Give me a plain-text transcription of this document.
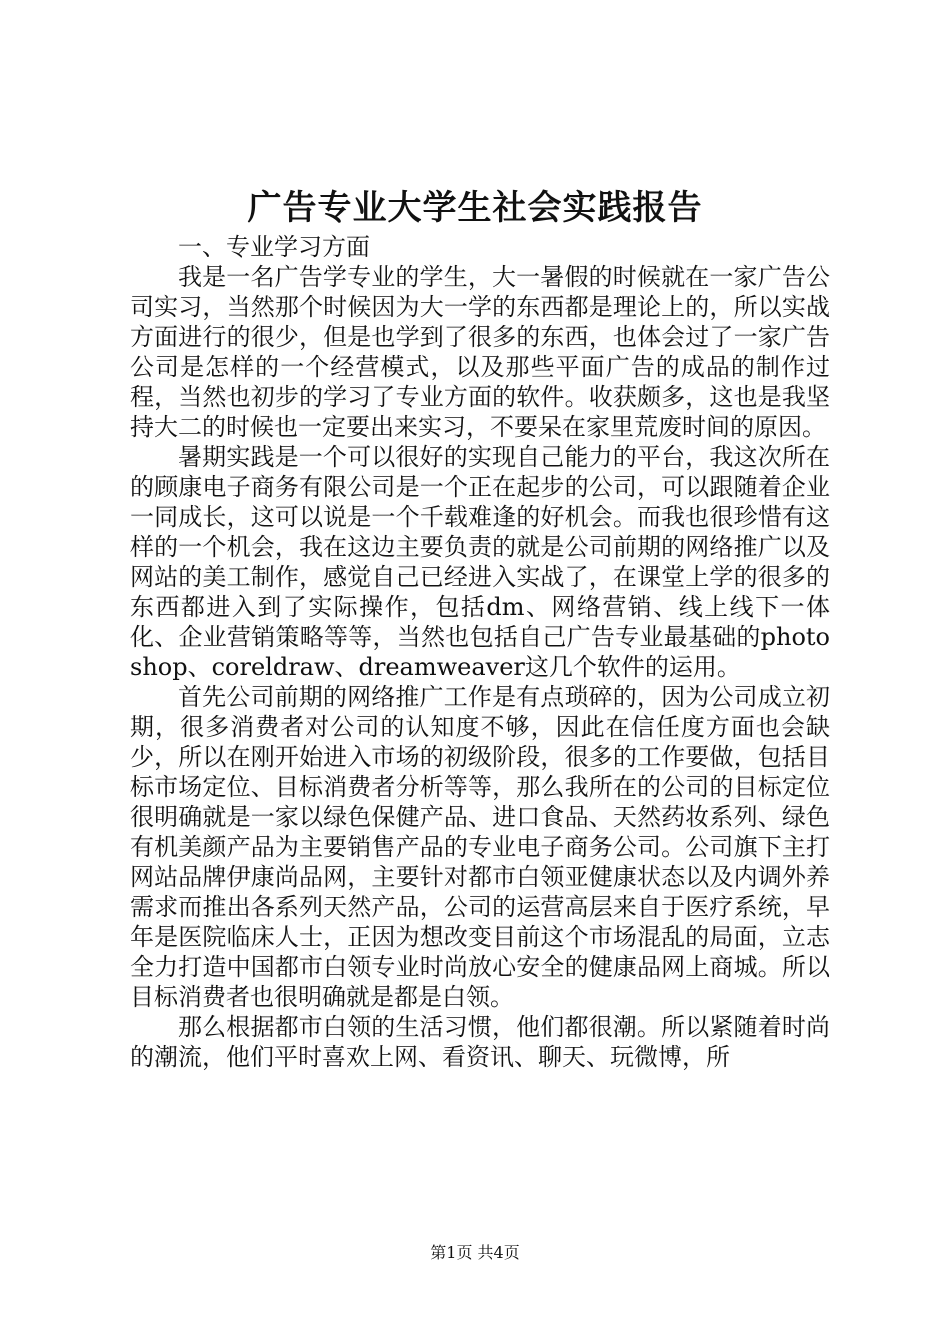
广告专业大学生社会实践报告

一、专业学习方面

我是一名广告学专业的学生，大一暑假的时候就在一家广告公司实习，当然那个时候因为大一学的东西都是理论上的，所以实战方面进行的很少，但是也学到了很多的东西，也体会过了一家广告公司是怎样的一个经营模式，以及那些平面广告的成品的制作过程，当然也初步的学习了专业方面的软件。收获颇多，这也是我坚持大二的时候也一定要出来实习，不要呆在家里荒废时间的原因。

暑期实践是一个可以很好的实现自己能力的平台，我这次所在的顾康电子商务有限公司是一个正在起步的公司，可以跟随着企业一同成长，这可以说是一个千载难逢的好机会。而我也很珍惜有这样的一个机会，我在这边主要负责的就是公司前期的网络推广以及网站的美工制作，感觉自己已经进入实战了，在课堂上学的很多的东西都进入到了实际操作，包括dm、网络营销、线上线下一体化、企业营销策略等等，当然也包括自己广告专业最基础的photoshop、coreldraw、dreamweaver这几个软件的运用。

首先公司前期的网络推广工作是有点琐碎的，因为公司成立初期，很多消费者对公司的认知度不够，因此在信任度方面也会缺少，所以在刚开始进入市场的初级阶段，很多的工作要做，包括目标市场定位、目标消费者分析等等，那么我所在的公司的目标定位很明确就是一家以绿色保健产品、进口食品、天然药妆系列、绿色有机美颜产品为主要销售产品的专业电子商务公司。公司旗下主打网站品牌伊康尚品网，主要针对都市白领亚健康状态以及内调外养需求而推出各系列天然产品，公司的运营高层来自于医疗系统，早年是医院临床人士，正因为想改变目前这个市场混乱的局面，立志全力打造中国都市白领专业时尚放心安全的健康品网上商城。所以目标消费者也很明确就是都是白领。

那么根据都市白领的生活习惯，他们都很潮。所以紧随着时尚的潮流，他们平时喜欢上网、看资讯、聊天、玩微博，所

第1页 共4页
